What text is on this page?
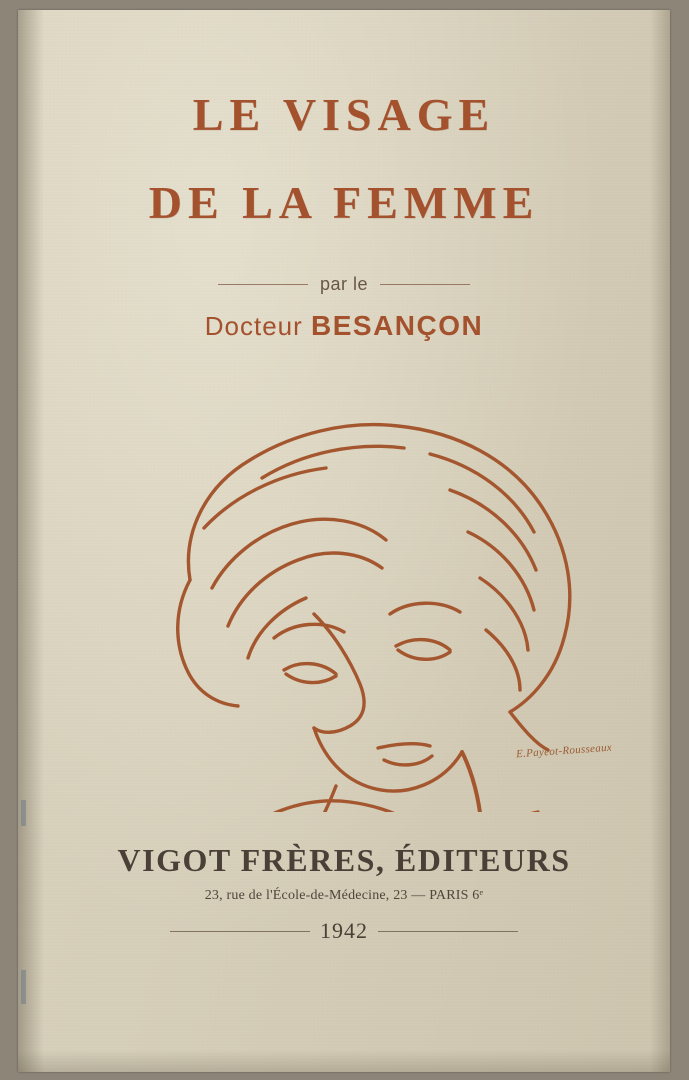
LE VISAGE
DE LA FEMME
par le
Docteur BESANÇON
E.Payeot-Rousseaux
VIGOT FRÈRES, ÉDITEURS
23, rue de l'École-de-Médecine, 23 — PARIS 6ᵉ
1942
